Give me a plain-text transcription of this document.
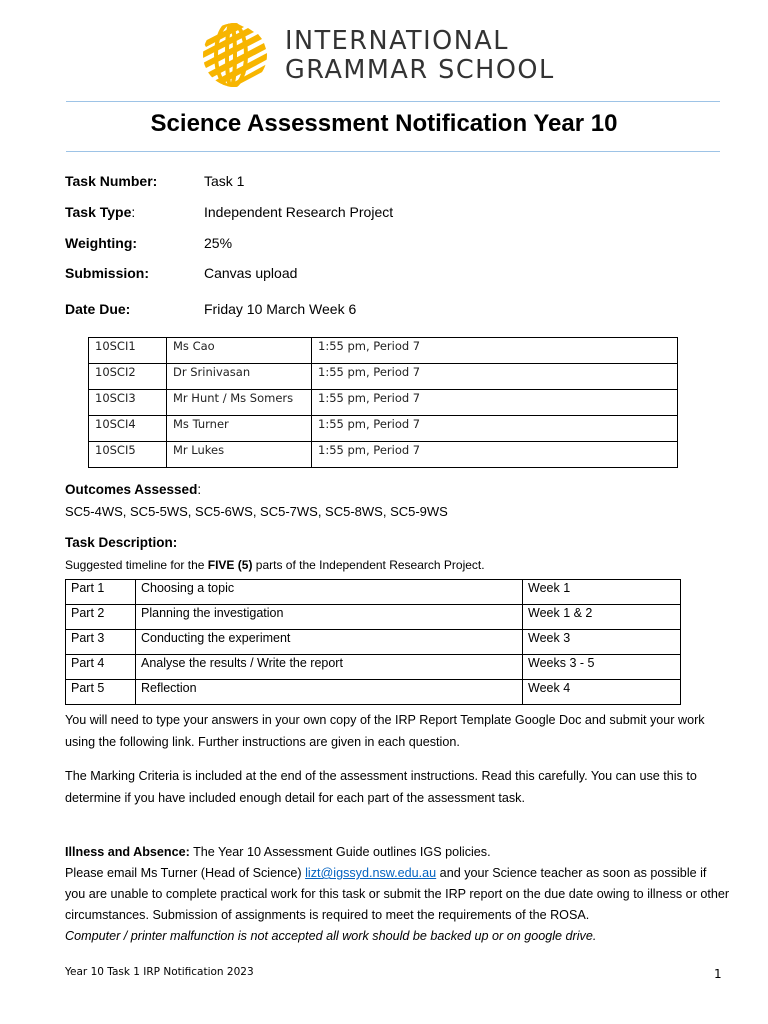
INTERNATIONAL
GRAMMAR SCHOOL
Science Assessment Notification Year 10
Task Number:	Task 1
Task Type:	Independent Research Project
Weighting:	25%
Submission:	Canvas upload
Date Due:	Friday 10 March Week 6
10SCI1	Ms Cao	1:55 pm, Period 7
10SCI2	Dr Srinivasan	1:55 pm, Period 7
10SCI3	Mr Hunt / Ms Somers	1:55 pm, Period 7
10SCI4	Ms Turner	1:55 pm, Period 7
10SCI5	Mr Lukes	1:55 pm, Period 7
Outcomes Assessed:
SC5-4WS, SC5-5WS, SC5-6WS, SC5-7WS, SC5-8WS, SC5-9WS
Task Description:
Suggested timeline for the FIVE (5) parts of the Independent Research Project.
Part 1	Choosing a topic	Week 1
Part 2	Planning the investigation	Week 1 & 2
Part 3	Conducting the experiment	Week 3
Part 4	Analyse the results / Write the report	Weeks 3 - 5
Part 5	Reflection	Week 4
You will need to type your answers in your own copy of the IRP Report Template Google Doc and submit your work using the following link. Further instructions are given in each question.
The Marking Criteria is included at the end of the assessment instructions. Read this carefully. You can use this to determine if you have included enough detail for each part of the assessment task.
Illness and Absence: The Year 10 Assessment Guide outlines IGS policies.
Please email Ms Turner (Head of Science) lizt@igssyd.nsw.edu.au and your Science teacher as soon as possible if you are unable to complete practical work for this task or submit the IRP report on the due date owing to illness or other circumstances. Submission of assignments is required to meet the requirements of the ROSA.
Computer / printer malfunction is not accepted all work should be backed up or on google drive.
Year 10 Task 1 IRP Notification 2023	1
